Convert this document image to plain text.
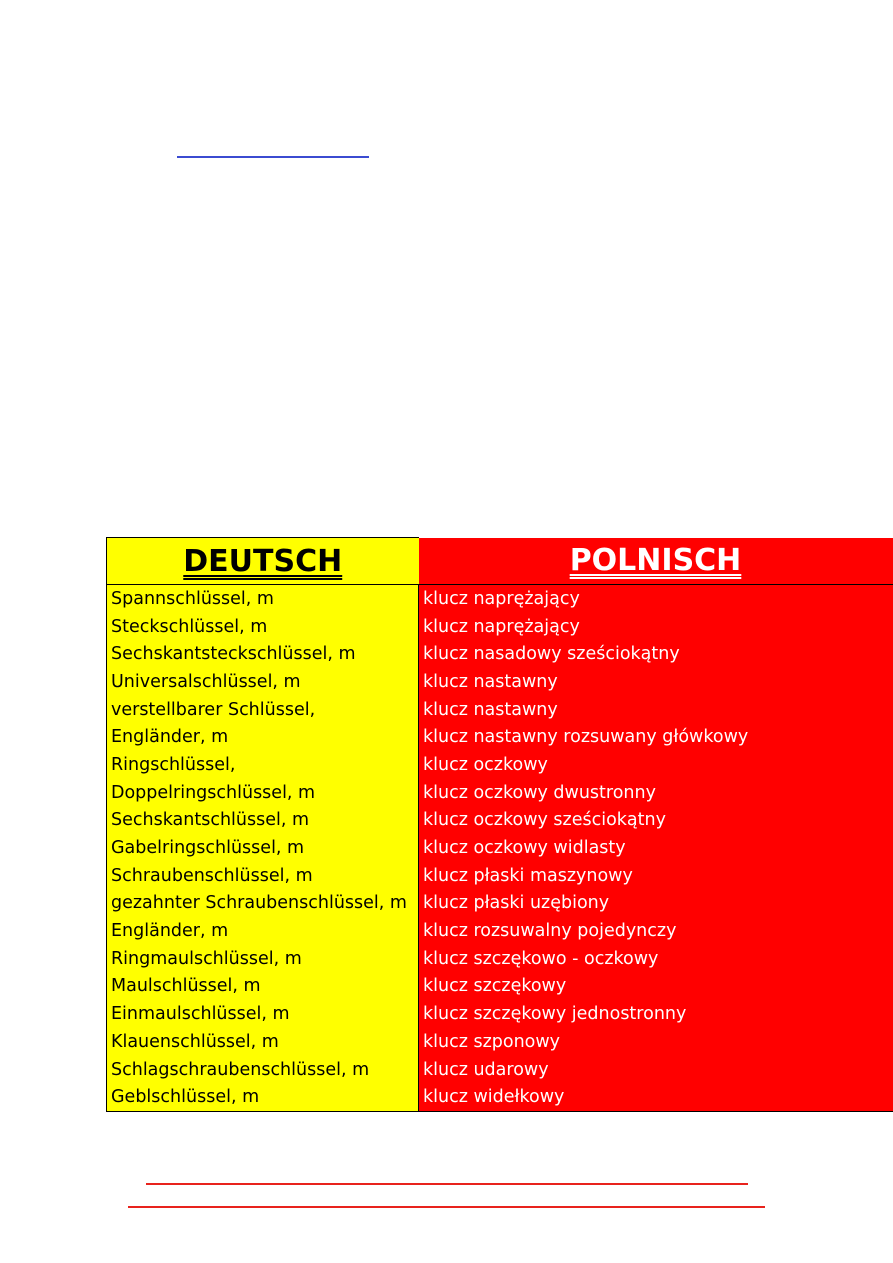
DEUTSCH	POLNISCH
Spannschlüssel, m	klucz naprężający
Steckschlüssel, m	klucz naprężający
Sechskantsteckschlüssel, m	klucz nasadowy sześciokątny
Universalschlüssel, m	klucz nastawny
verstellbarer Schlüssel,	klucz nastawny
Engländer, m	klucz nastawny rozsuwany główkowy
Ringschlüssel,	klucz oczkowy
Doppelringschlüssel, m	klucz oczkowy dwustronny
Sechskantschlüssel, m	klucz oczkowy sześciokątny
Gabelringschlüssel, m	klucz oczkowy widlasty
Schraubenschlüssel, m	klucz płaski maszynowy
gezahnter Schraubenschlüssel, m	klucz płaski uzębiony
Engländer, m	klucz rozsuwalny pojedynczy
Ringmaulschlüssel, m	klucz szczękowo - oczkowy
Maulschlüssel, m	klucz szczękowy
Einmaulschlüssel, m	klucz szczękowy jednostronny
Klauenschlüssel, m	klucz szponowy
Schlagschraubenschlüssel, m	klucz udarowy
Geblschlüssel, m	klucz widełkowy
